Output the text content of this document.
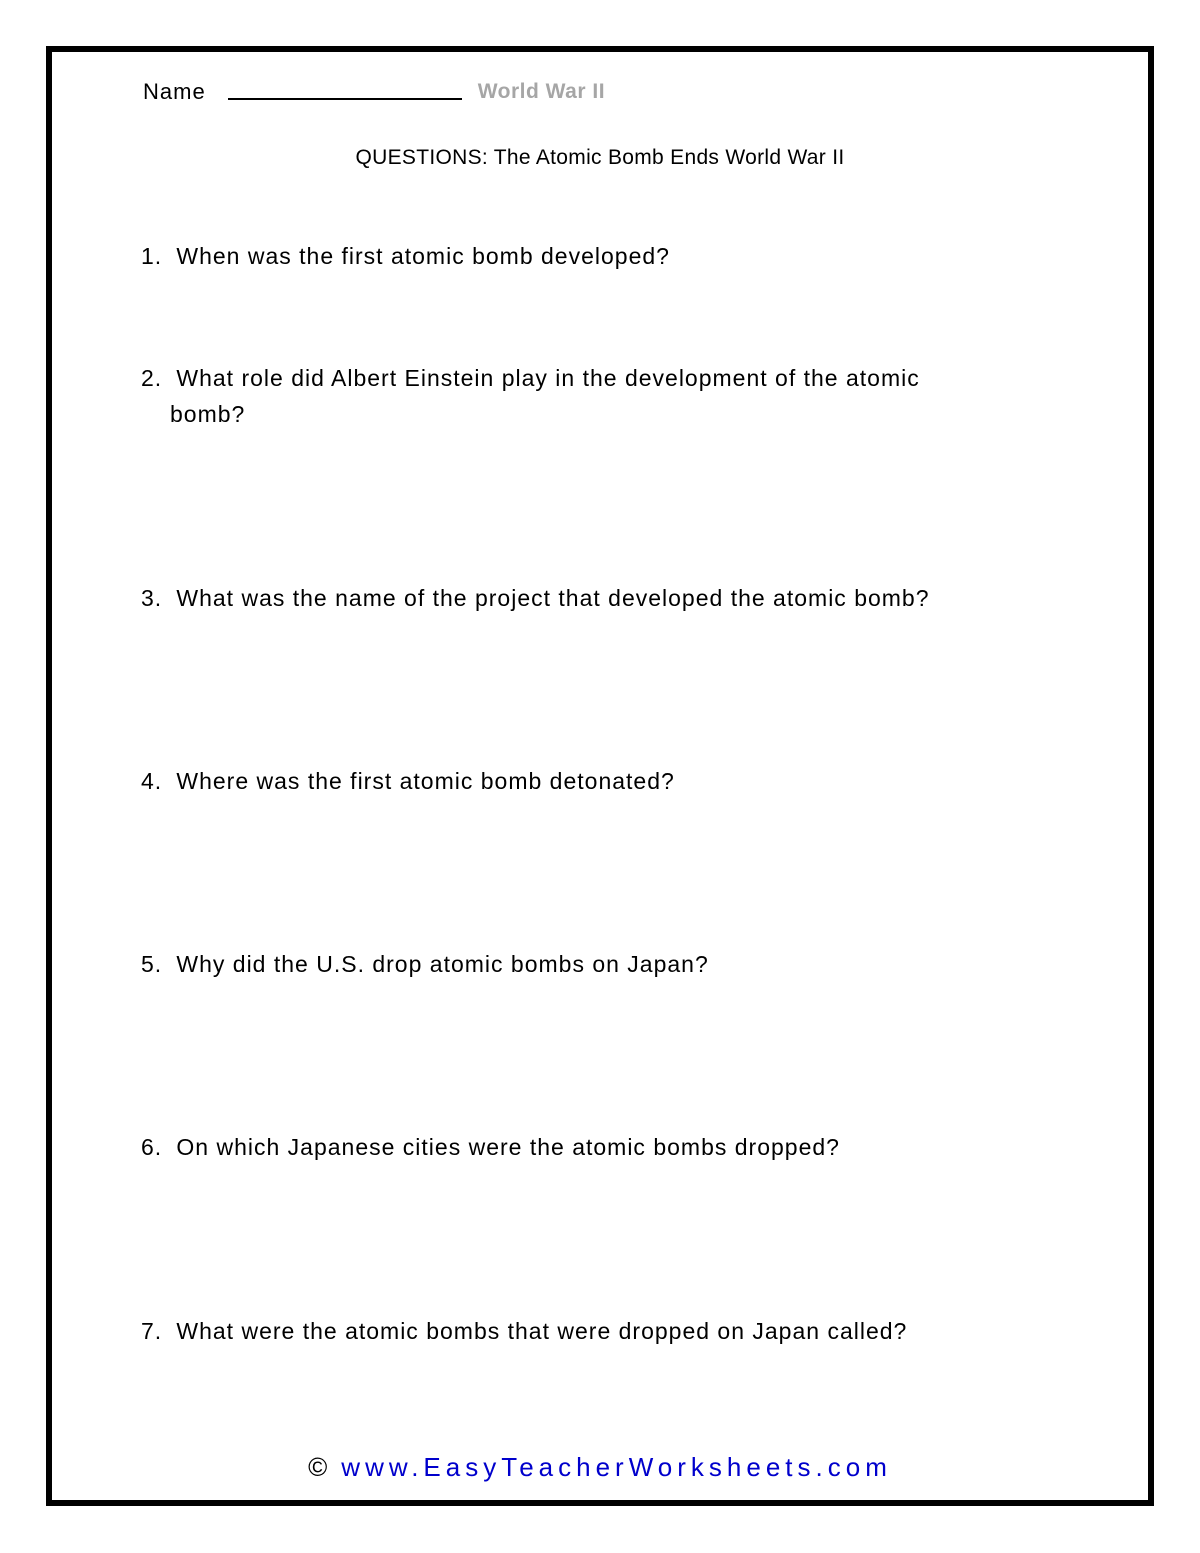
Name	World War II
QUESTIONS: The Atomic Bomb Ends World War II
1. When was the first atomic bomb developed?
2. What role did Albert Einstein play in the development of the atomic
bomb?
3. What was the name of the project that developed the atomic bomb?
4. Where was the first atomic bomb detonated?
5. Why did the U.S. drop atomic bombs on Japan?
6. On which Japanese cities were the atomic bombs dropped?
7. What were the atomic bombs that were dropped on Japan called?
© www.EasyTeacherWorksheets.com
